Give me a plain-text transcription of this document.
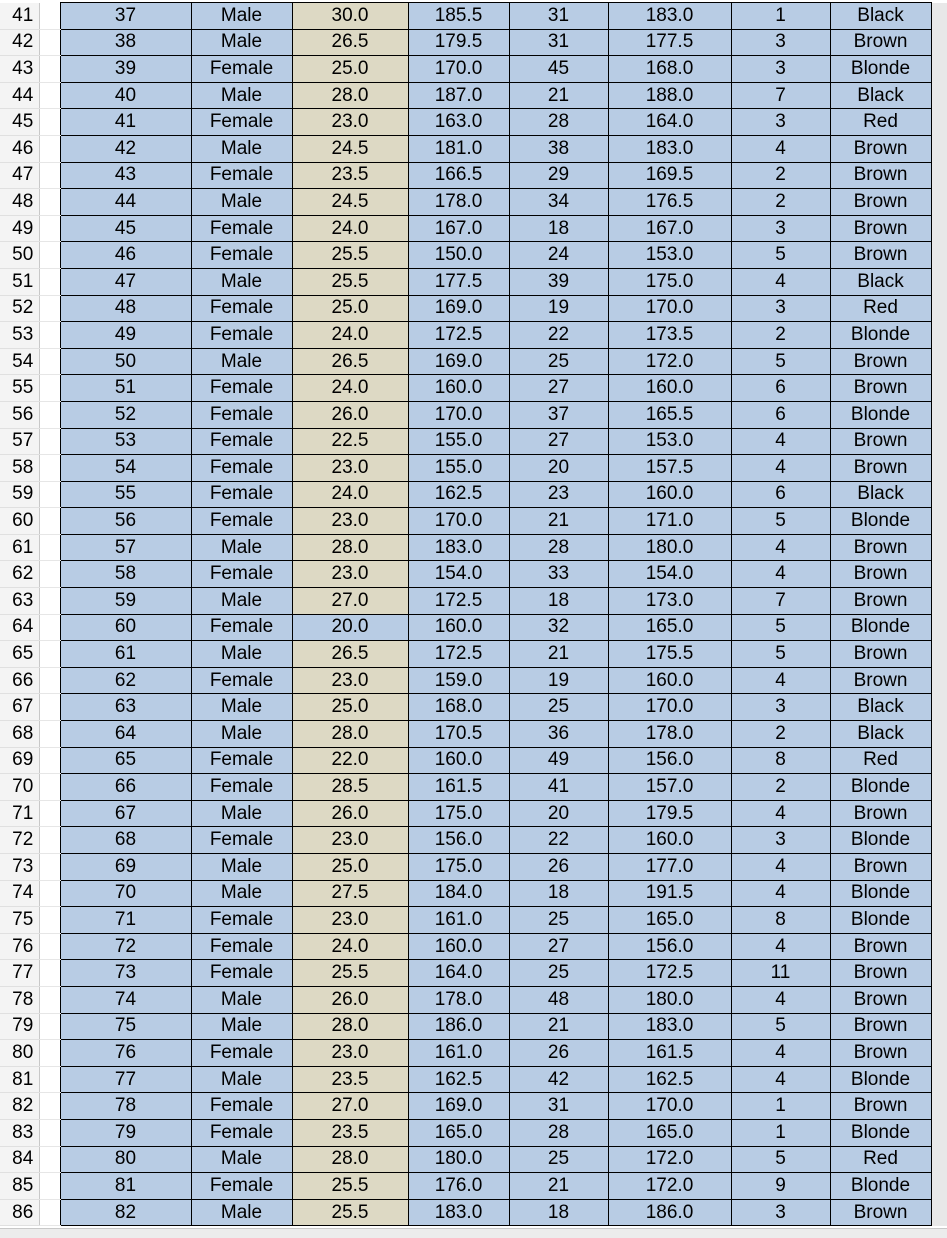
41		37	Male	30.0	185.5	31	183.0	1	Black	
42		38	Male	26.5	179.5	31	177.5	3	Brown	
43		39	Female	25.0	170.0	45	168.0	3	Blonde	
44		40	Male	28.0	187.0	21	188.0	7	Black	
45		41	Female	23.0	163.0	28	164.0	3	Red	
46		42	Male	24.5	181.0	38	183.0	4	Brown	
47		43	Female	23.5	166.5	29	169.5	2	Brown	
48		44	Male	24.5	178.0	34	176.5	2	Brown	
49		45	Female	24.0	167.0	18	167.0	3	Brown	
50		46	Female	25.5	150.0	24	153.0	5	Brown	
51		47	Male	25.5	177.5	39	175.0	4	Black	
52		48	Female	25.0	169.0	19	170.0	3	Red	
53		49	Female	24.0	172.5	22	173.5	2	Blonde	
54		50	Male	26.5	169.0	25	172.0	5	Brown	
55		51	Female	24.0	160.0	27	160.0	6	Brown	
56		52	Female	26.0	170.0	37	165.5	6	Blonde	
57		53	Female	22.5	155.0	27	153.0	4	Brown	
58		54	Female	23.0	155.0	20	157.5	4	Brown	
59		55	Female	24.0	162.5	23	160.0	6	Black	
60		56	Female	23.0	170.0	21	171.0	5	Blonde	
61		57	Male	28.0	183.0	28	180.0	4	Brown	
62		58	Female	23.0	154.0	33	154.0	4	Brown	
63		59	Male	27.0	172.5	18	173.0	7	Brown	
64		60	Female	20.0	160.0	32	165.0	5	Blonde	
65		61	Male	26.5	172.5	21	175.5	5	Brown	
66		62	Female	23.0	159.0	19	160.0	4	Brown	
67		63	Male	25.0	168.0	25	170.0	3	Black	
68		64	Male	28.0	170.5	36	178.0	2	Black	
69		65	Female	22.0	160.0	49	156.0	8	Red	
70		66	Female	28.5	161.5	41	157.0	2	Blonde	
71		67	Male	26.0	175.0	20	179.5	4	Brown	
72		68	Female	23.0	156.0	22	160.0	3	Blonde	
73		69	Male	25.0	175.0	26	177.0	4	Brown	
74		70	Male	27.5	184.0	18	191.5	4	Blonde	
75		71	Female	23.0	161.0	25	165.0	8	Blonde	
76		72	Female	24.0	160.0	27	156.0	4	Brown	
77		73	Female	25.5	164.0	25	172.5	11	Brown	
78		74	Male	26.0	178.0	48	180.0	4	Brown	
79		75	Male	28.0	186.0	21	183.0	5	Brown	
80		76	Female	23.0	161.0	26	161.5	4	Brown	
81		77	Male	23.5	162.5	42	162.5	4	Blonde	
82		78	Female	27.0	169.0	31	170.0	1	Brown	
83		79	Female	23.5	165.0	28	165.0	1	Blonde	
84		80	Male	28.0	180.0	25	172.0	5	Red	
85		81	Female	25.5	176.0	21	172.0	9	Blonde	
86		82	Male	25.5	183.0	18	186.0	3	Brown	
